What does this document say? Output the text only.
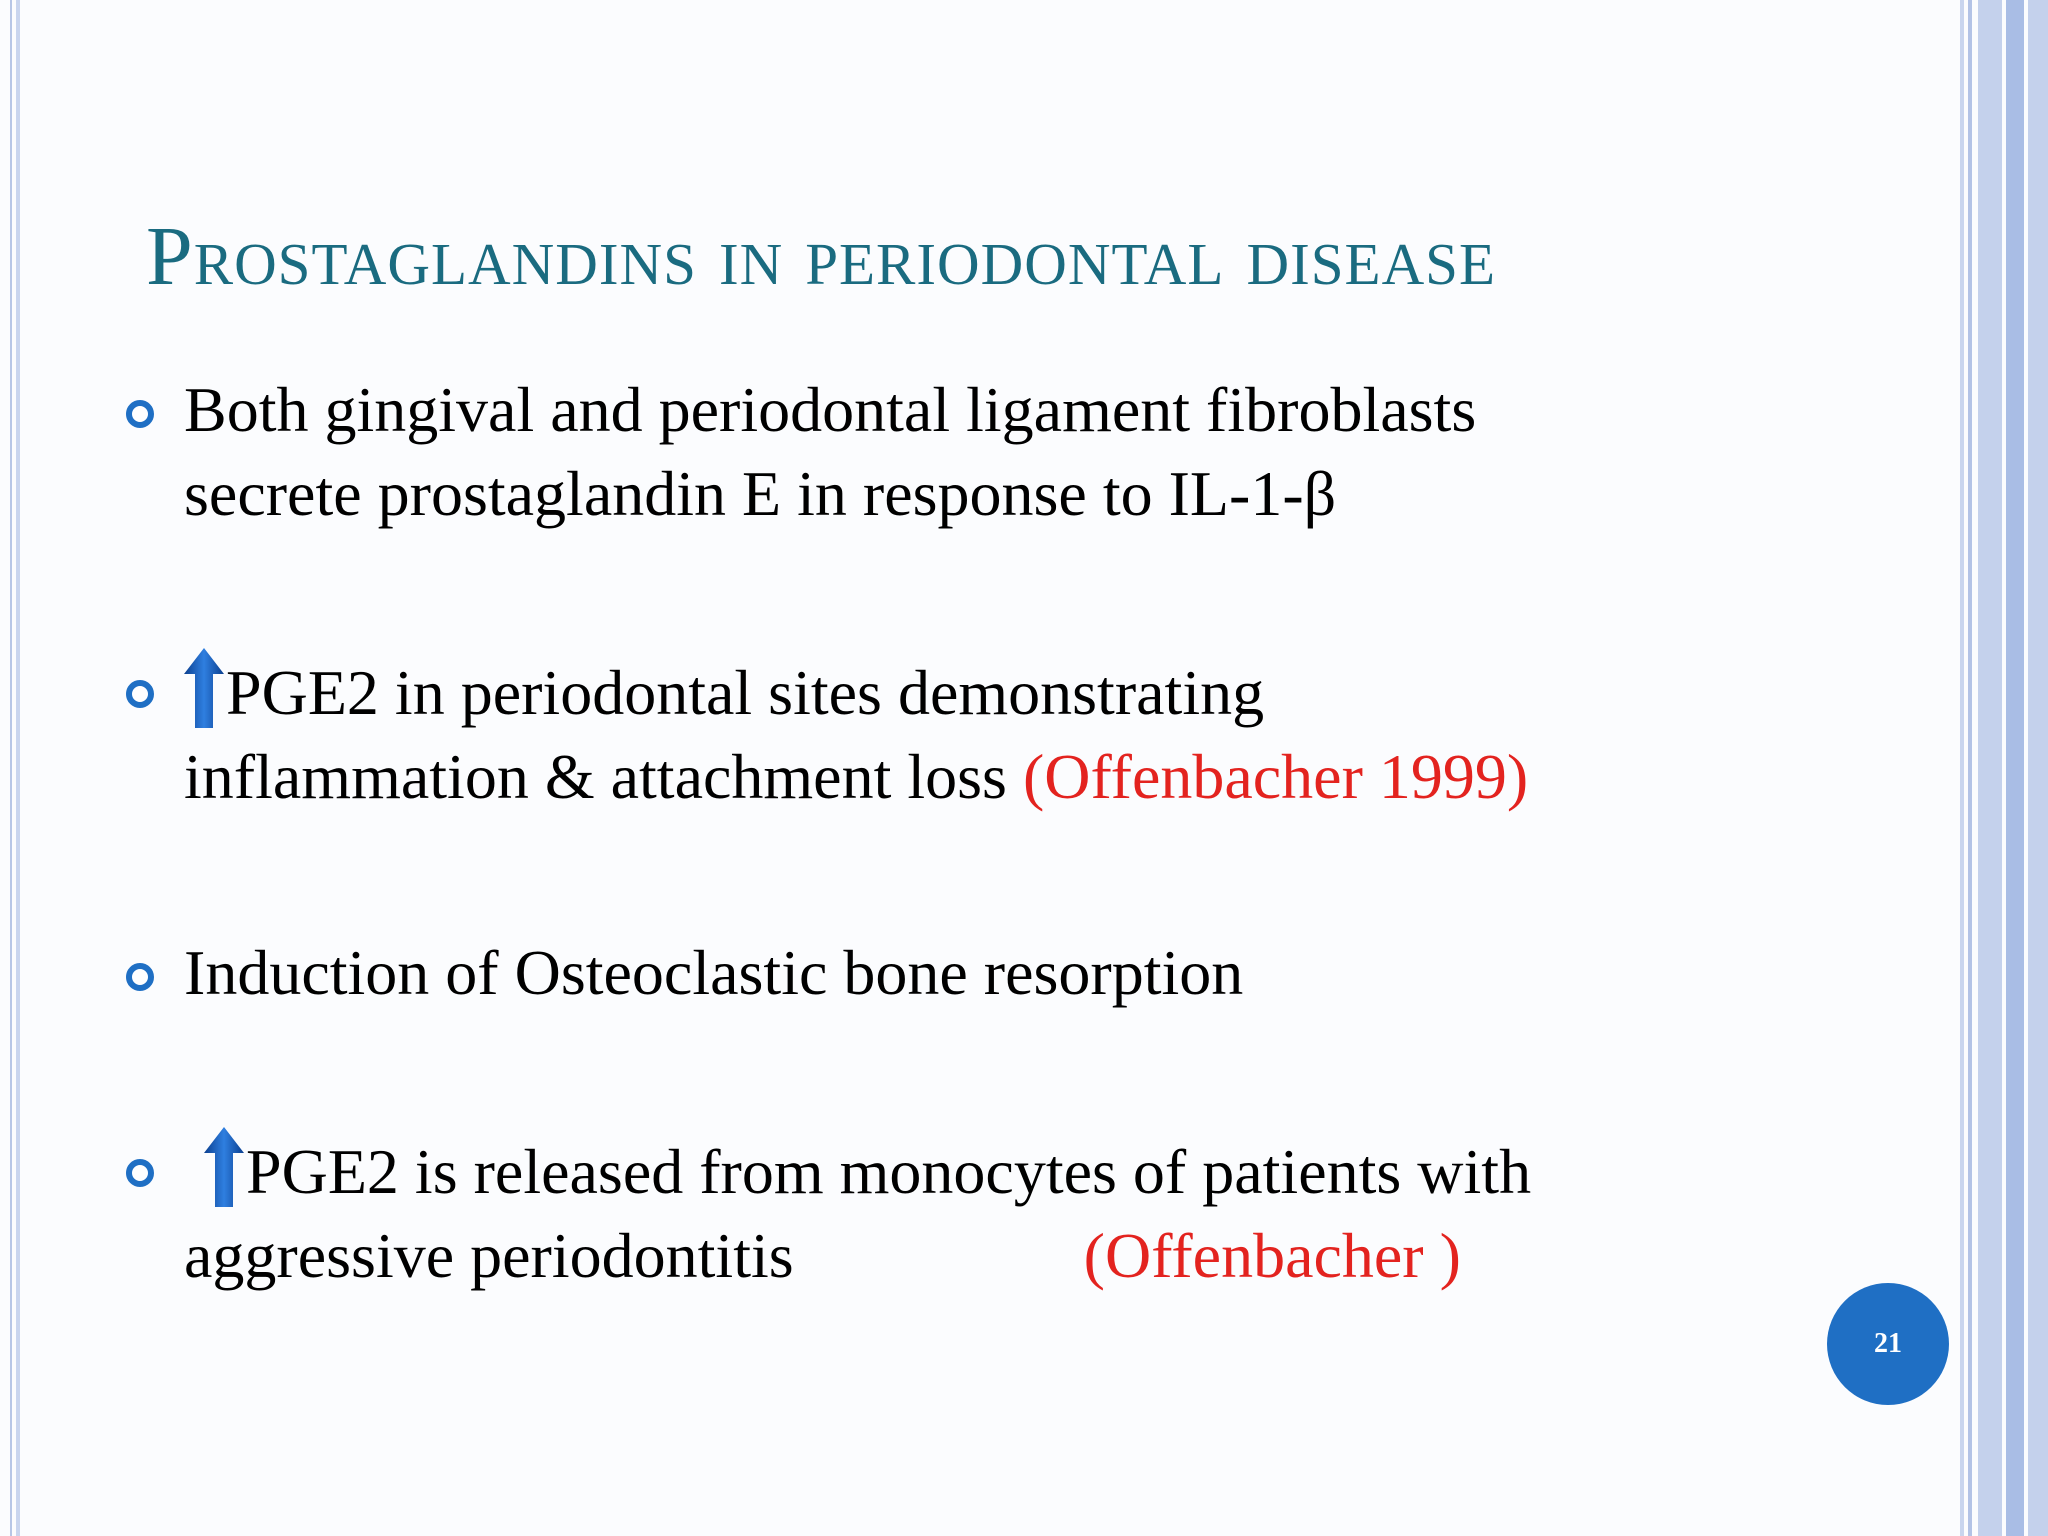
Prostaglandins in periodontal disease
Both gingival and periodontal ligament fibroblasts
secrete prostaglandin E in response to IL-1-β
PGE2 in periodontal sites demonstrating
inflammation & attachment loss (Offenbacher 1999)
Induction of Osteoclastic bone resorption
PGE2 is released from monocytes of patients with
aggressive periodontitis	(Offenbacher )
21
